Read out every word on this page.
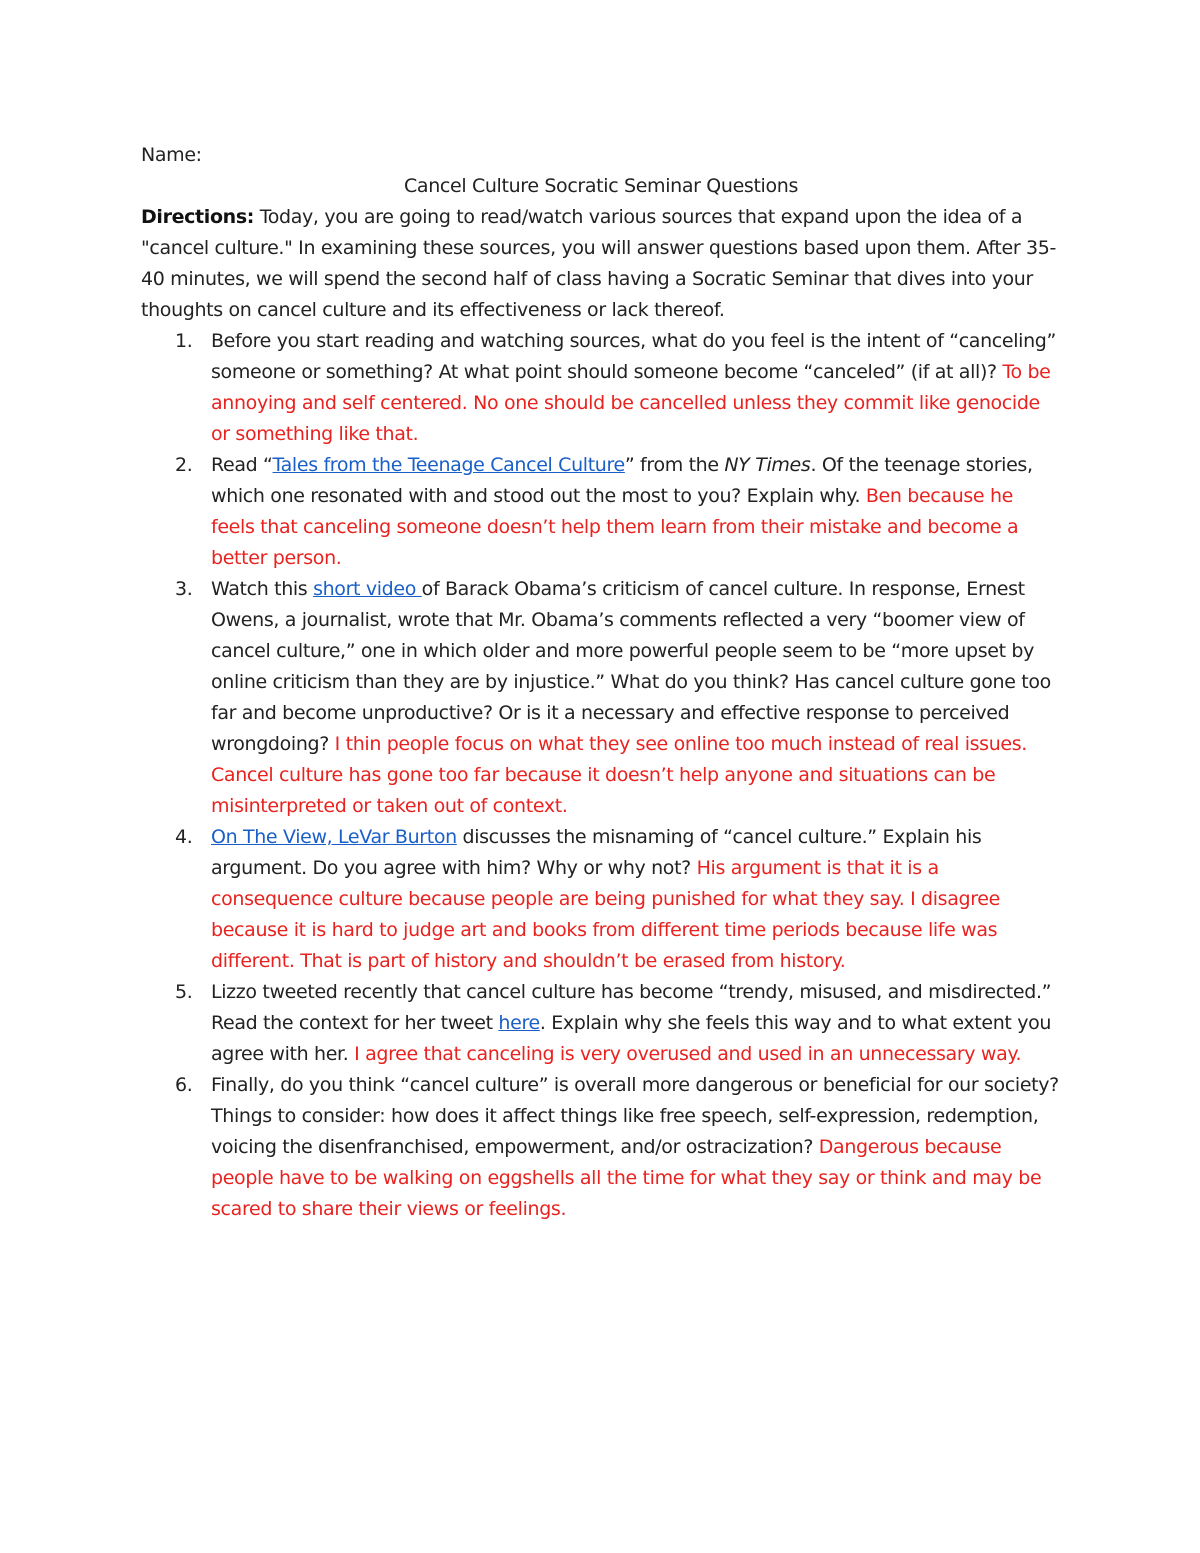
Name:

Cancel Culture Socratic Seminar Questions

Directions: Today, you are going to read/watch various sources that expand upon the idea of a "cancel culture." In examining these sources, you will answer questions based upon them. After 35-40 minutes, we will spend the second half of class having a Socratic Seminar that dives into your thoughts on cancel culture and its effectiveness or lack thereof.

1. Before you start reading and watching sources, what do you feel is the intent of “canceling” someone or something? At what point should someone become “canceled” (if at all)? To be annoying and self centered. No one should be cancelled unless they commit like genocide or something like that.
2. Read “Tales from the Teenage Cancel Culture” from the NY Times. Of the teenage stories, which one resonated with and stood out the most to you? Explain why. Ben because he feels that canceling someone doesn’t help them learn from their mistake and become a better person.
3. Watch this short video of Barack Obama’s criticism of cancel culture. In response, Ernest Owens, a journalist, wrote that Mr. Obama’s comments reflected a very “boomer view of cancel culture,” one in which older and more powerful people seem to be “more upset by online criticism than they are by injustice.” What do you think? Has cancel culture gone too far and become unproductive? Or is it a necessary and effective response to perceived wrongdoing? I thin people focus on what they see online too much instead of real issues. Cancel culture has gone too far because it doesn’t help anyone and situations can be misinterpreted or taken out of context.
4. On The View, LeVar Burton discusses the misnaming of “cancel culture.” Explain his argument. Do you agree with him? Why or why not? His argument is that it is a consequence culture because people are being punished for what they say. I disagree because it is hard to judge art and books from different time periods because life was different. That is part of history and shouldn’t be erased from history.
5. Lizzo tweeted recently that cancel culture has become “trendy, misused, and misdirected.” Read the context for her tweet here. Explain why she feels this way and to what extent you agree with her. I agree that canceling is very overused and used in an unnecessary way.
6. Finally, do you think “cancel culture” is overall more dangerous or beneficial for our society? Things to consider: how does it affect things like free speech, self-expression, redemption, voicing the disenfranchised, empowerment, and/or ostracization? Dangerous because people have to be walking on eggshells all the time for what they say or think and may be scared to share their views or feelings.
